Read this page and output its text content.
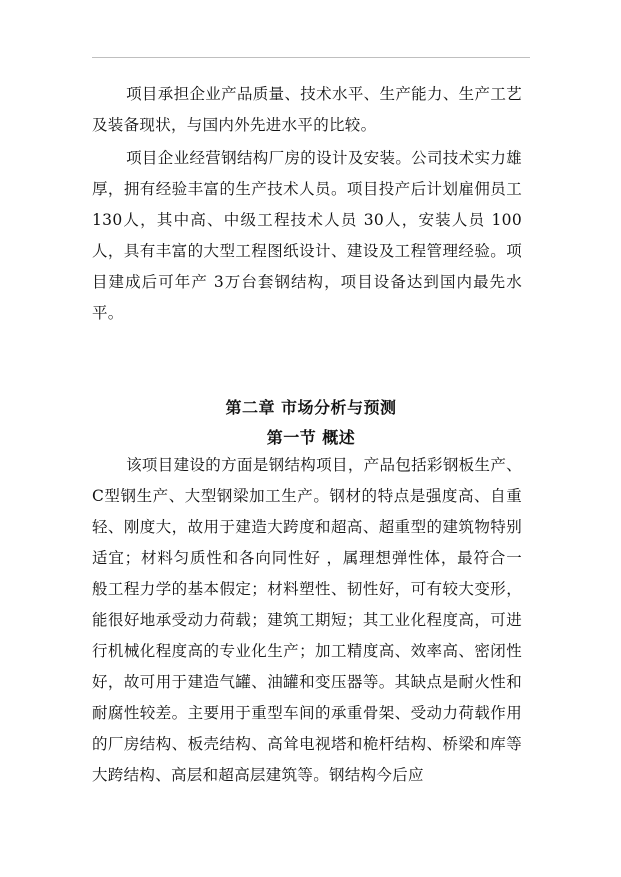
项目承担企业产品质量、技术水平、生产能力、生产工艺及装备现状，与国内外先进水平的比较。

项目企业经营钢结构厂房的设计及安装。公司技术实力雄厚，拥有经验丰富的生产技术人员。项目投产后计划雇佣员工130人，其中高、中级工程技术人员 30人，安装人员 100人，具有丰富的大型工程图纸设计、建设及工程管理经验。项目建成后可年产 3万台套钢结构，项目设备达到国内最先水平。

第二章 市场分析与预测
第一节 概述

该项目建设的方面是钢结构项目，产品包括彩钢板生产、C型钢生产、大型钢梁加工生产。钢材的特点是强度高、自重轻、刚度大，故用于建造大跨度和超高、超重型的建筑物特别适宜；材料匀质性和各向同性好 ，属理想弹性体，最符合一般工程力学的基本假定；材料塑性、韧性好，可有较大变形，能很好地承受动力荷载；建筑工期短；其工业化程度高，可进行机械化程度高的专业化生产；加工精度高、效率高、密闭性好，故可用于建造气罐、油罐和变压器等。其缺点是耐火性和耐腐性较差。主要用于重型车间的承重骨架、受动力荷载作用的厂房结构、板壳结构、高耸电视塔和桅杆结构、桥梁和库等大跨结构、高层和超高层建筑等。钢结构今后应
